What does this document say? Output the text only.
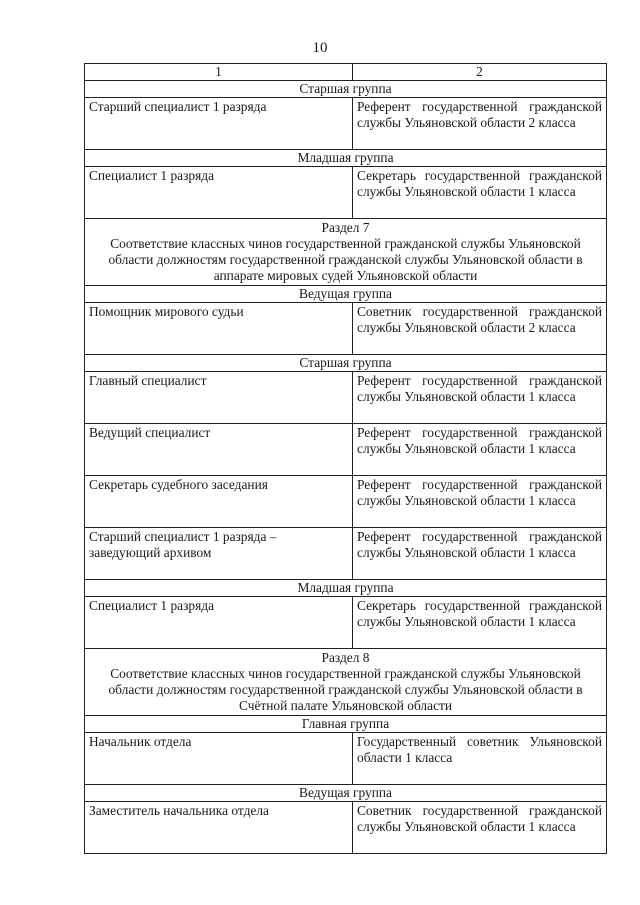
10
1	2
Старшая группа	
Старший специалист 1 разряда	Референт государственной гражданской службы Ульяновской области 2 класса
Младшая группа	
Специалист 1 разряда	Секретарь государственной гражданской службы Ульяновской области 1 класса

Раздел 7
Соответствие классных чинов государственной гражданской службы Ульяновской области должностям государственной гражданской службы Ульяновской области в аппарате мировых судей Ульяновской области	

Ведущая группа	
Помощник мирового судьи	Советник государственной гражданской службы Ульяновской области 2 класса
Старшая группа	
Главный специалист	Референт государственной гражданской службы Ульяновской области 1 класса
Ведущий специалист	Референт государственной гражданской службы Ульяновской области 1 класса
Секретарь судебного заседания	Референт государственной гражданской службы Ульяновской области 1 класса
Старший специалист 1 разряда – заведующий архивом	Референт государственной гражданской службы Ульяновской области 1 класса
Младшая группа	
Специалист 1 разряда	Секретарь государственной гражданской службы Ульяновской области 1 класса

Раздел 8
Соответствие классных чинов государственной гражданской службы Ульяновской области должностям государственной гражданской службы Ульяновской области в Счётной палате Ульяновской области	

Главная группа	
Начальник отдела	Государственный советник Ульяновской области 1 класса
Ведущая группа	
Заместитель начальника отдела	Советник государственной гражданской службы Ульяновской области 1 класса
